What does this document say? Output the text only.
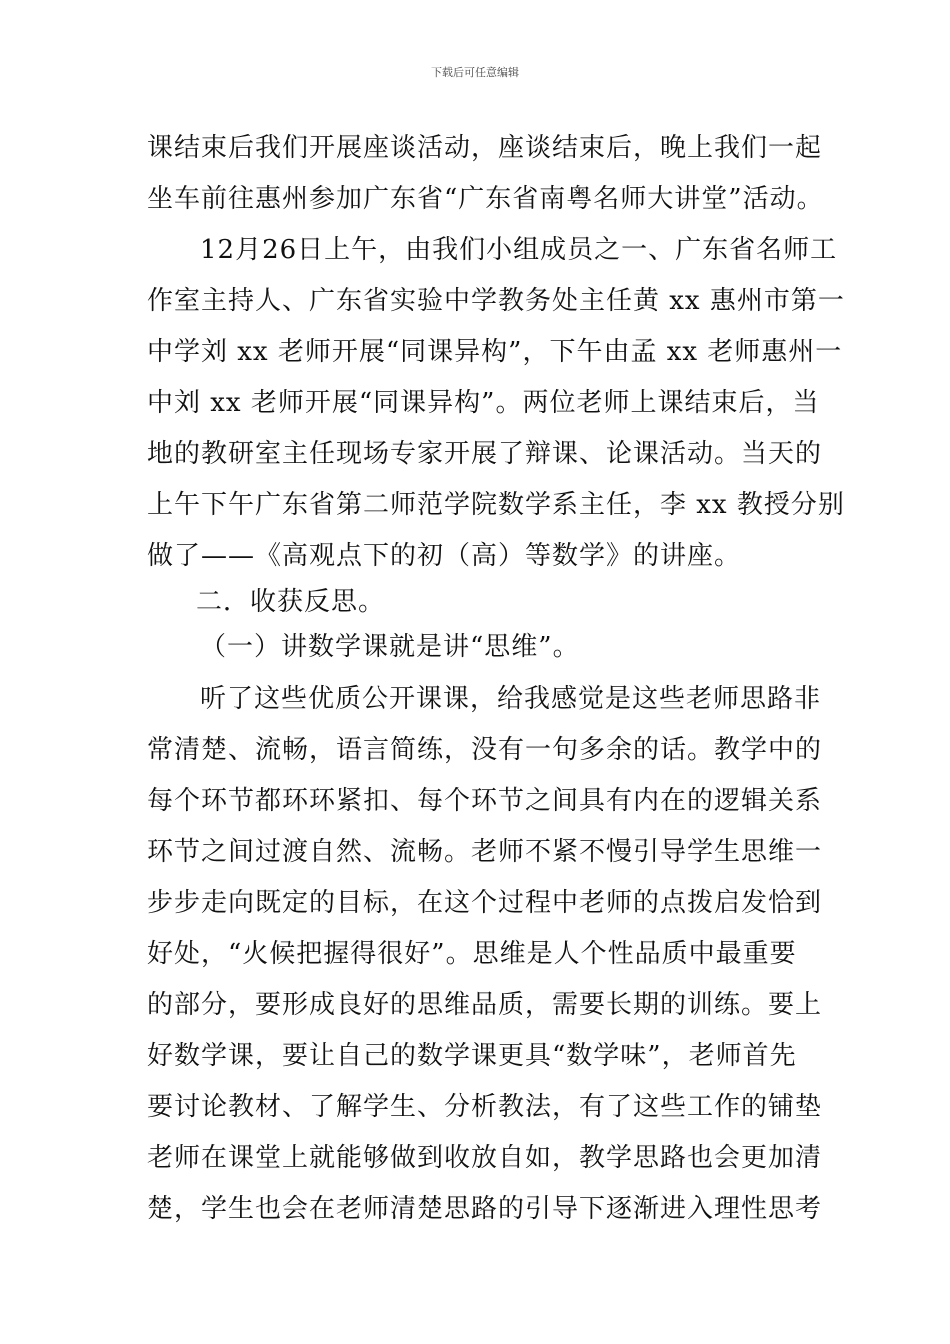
下载后可任意编辑
课结束后我们开展座谈活动，座谈结束后，晚上我们一起
坐车前往惠州参加广东省“广东省南粤名师大讲堂”活动。
12月26日上午，由我们小组成员之一、广东省名师工
作室主持人、广东省实验中学教务处主任黄 xx 惠州市第一
中学刘 xx 老师开展“同课异构”，下午由孟 xx 老师惠州一
中刘 xx 老师开展“同课异构”。两位老师上课结束后，当
地的教研室主任现场专家开展了辩课、论课活动。当天的
上午下午广东省第二师范学院数学系主任，李 xx 教授分别
做了——《高观点下的初（高）等数学》的讲座。
二．收获反思。
（一）讲数学课就是讲“思维”。
听了这些优质公开课课，给我感觉是这些老师思路非
常清楚、流畅，语言简练，没有一句多余的话。教学中的
每个环节都环环紧扣、每个环节之间具有内在的逻辑关系
环节之间过渡自然、流畅。老师不紧不慢引导学生思维一
步步走向既定的目标，在这个过程中老师的点拨启发恰到
好处，“火候把握得很好”。思维是人个性品质中最重要
的部分，要形成良好的思维品质，需要长期的训练。要上
好数学课，要让自己的数学课更具“数学味”，老师首先
要讨论教材、了解学生、分析教法，有了这些工作的铺垫
老师在课堂上就能够做到收放自如，教学思路也会更加清
楚，学生也会在老师清楚思路的引导下逐渐进入理性思考
